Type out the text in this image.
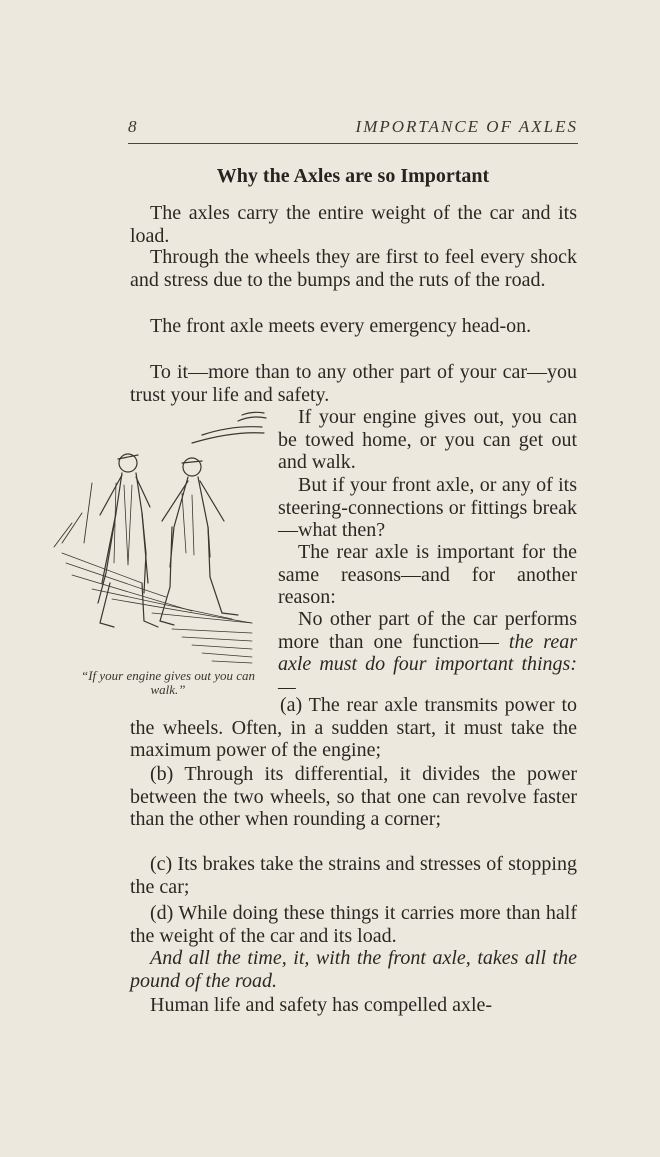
8	IMPORTANCE OF AXLES
Why the Axles are so Important

The axles carry the entire weight of the car and its load.

Through the wheels they are first to feel every shock and stress due to the bumps and the ruts of the road.

The front axle meets every emergency head-on.

To it—more than to any other part of your car—you trust your life and safety.

“If your engine gives out you can walk.”

If your engine gives out, you can be towed home, or you can get out and walk.

But if your front axle, or any of its steering-connections or fittings break—what then?

The rear axle is important for the same reasons—and for another reason:

No other part of the car performs more than one function— the rear axle must do four important things:—

(a) The rear axle transmits power to the wheels. Often, in a sudden start, it must take the maximum power of the engine;

(b) Through its differential, it divides the power between the two wheels, so that one can revolve faster than the other when rounding a corner;

(c) Its brakes take the strains and stresses of stopping the car;

(d) While doing these things it carries more than half the weight of the car and its load.

And all the time, it, with the front axle, takes all the pound of the road.

Human life and safety has compelled axle-
